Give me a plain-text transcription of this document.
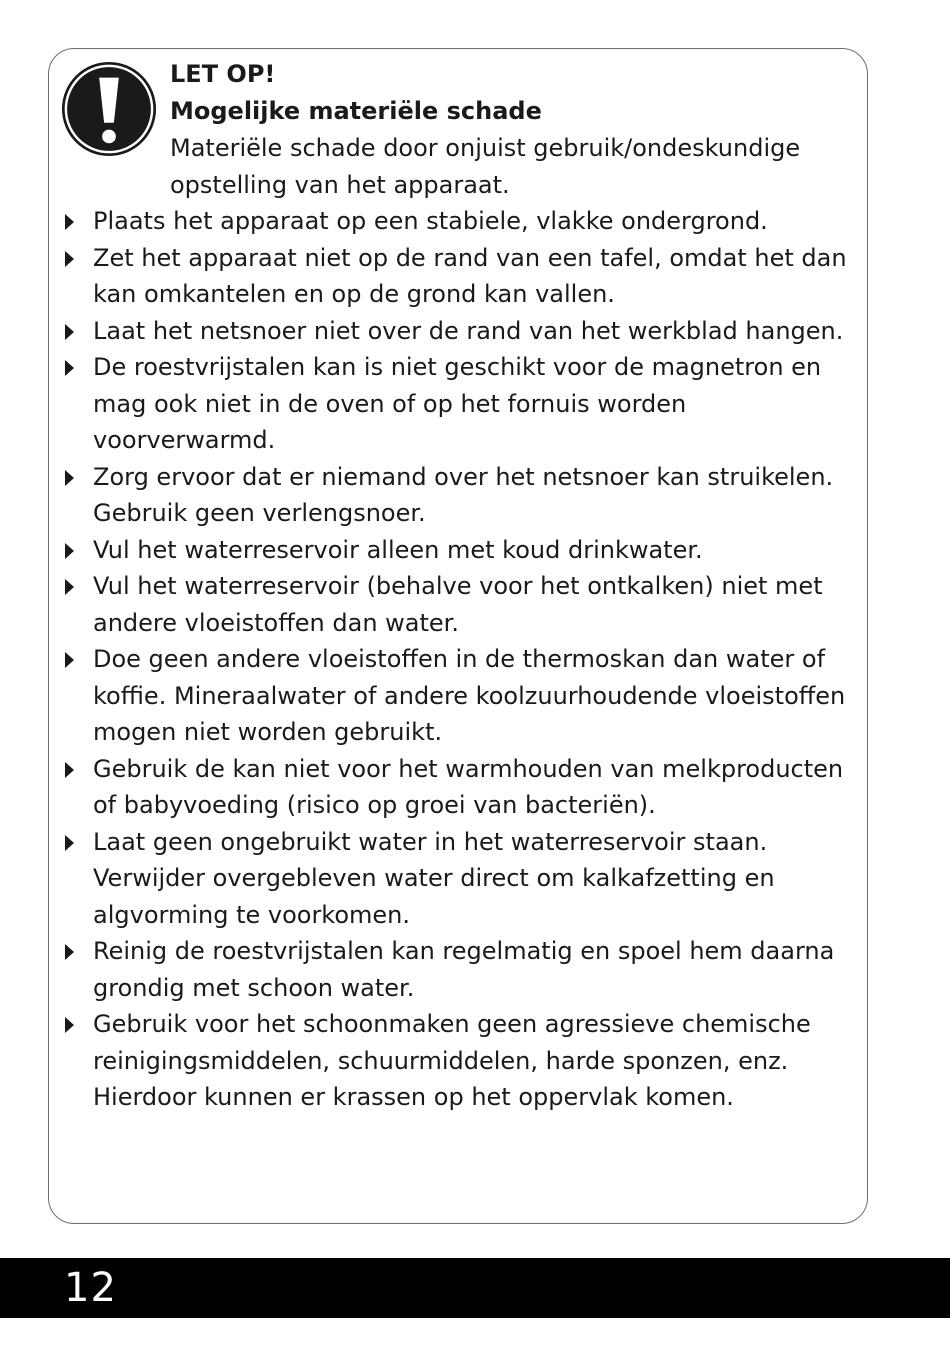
LET OP!
Mogelijke materiële schade
Materiële schade door onjuist gebruik/ondeskundige opstelling van het apparaat.
Plaats het apparaat op een stabiele, vlakke ondergrond.
Zet het apparaat niet op de rand van een tafel, omdat het dan kan omkantelen en op de grond kan vallen.
Laat het netsnoer niet over de rand van het werkblad hangen.
De roestvrijstalen kan is niet geschikt voor de magnetron en mag ook niet in de oven of op het fornuis worden voorverwarmd.
Zorg ervoor dat er niemand over het netsnoer kan struikelen. Gebruik geen verlengsnoer.
Vul het waterreservoir alleen met koud drinkwater.
Vul het waterreservoir (behalve voor het ontkalken) niet met andere vloeistoffen dan water.
Doe geen andere vloeistoffen in de thermoskan dan water of koffie. Mineraalwater of andere koolzuurhoudende vloeistoffen mogen niet worden gebruikt.
Gebruik de kan niet voor het warmhouden van melkproducten of babyvoeding (risico op groei van bacteriën).
Laat geen ongebruikt water in het waterreservoir staan. Verwijder overgebleven water direct om kalkafzetting en algvorming te voorkomen.
Reinig de roestvrijstalen kan regelmatig en spoel hem daarna grondig met schoon water.
Gebruik voor het schoonmaken geen agressieve chemische reinigingsmiddelen, schuurmiddelen, harde sponzen, enz. Hierdoor kunnen er krassen op het oppervlak komen.
12
